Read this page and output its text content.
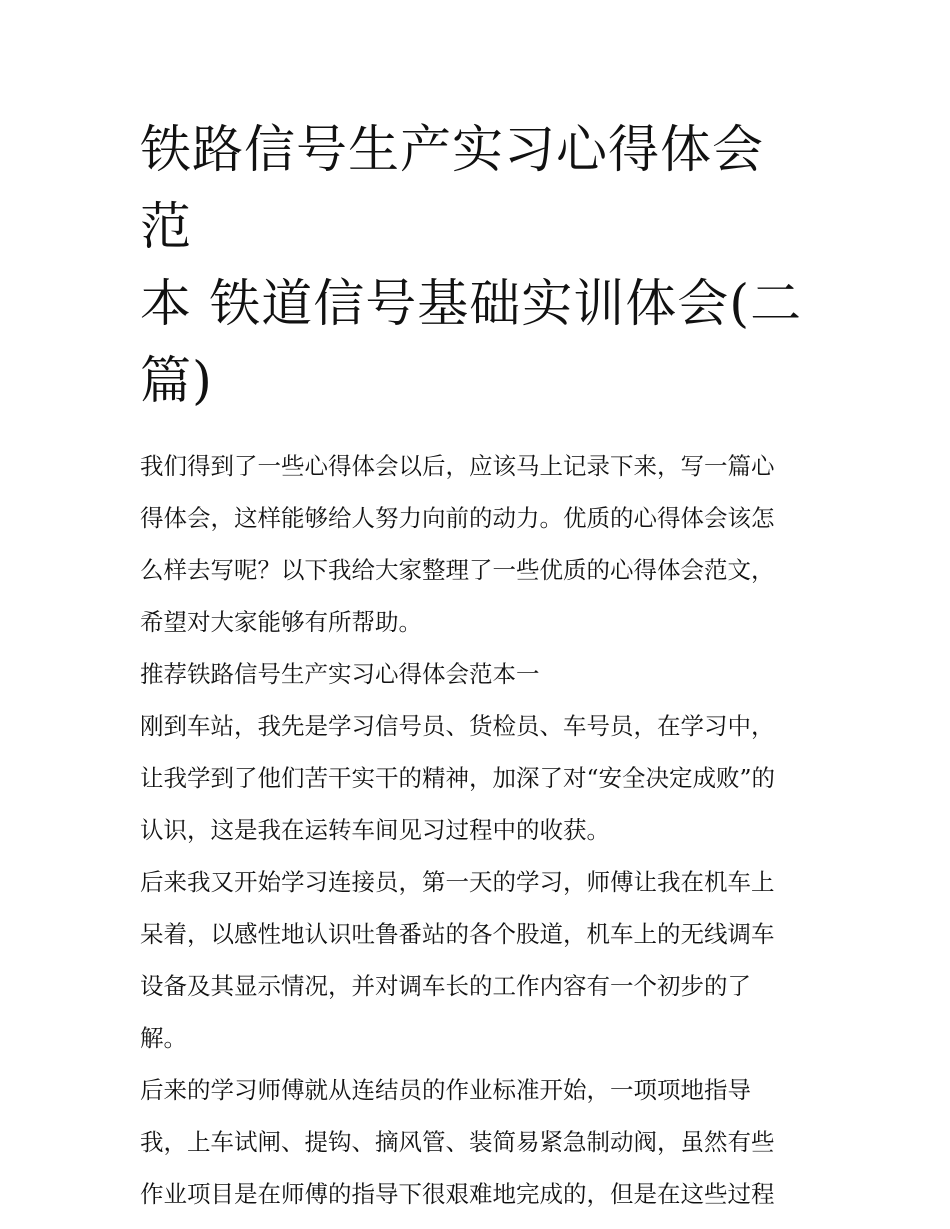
铁路信号生产实习心得体会范
本 铁道信号基础实训体会(二
篇)

我们得到了一些心得体会以后，应该马上记录下来，写一篇心

得体会，这样能够给人努力向前的动力。优质的心得体会该怎

么样去写呢？以下我给大家整理了一些优质的心得体会范文，

希望对大家能够有所帮助。

推荐铁路信号生产实习心得体会范本一

刚到车站，我先是学习信号员、货检员、车号员，在学习中，

让我学到了他们苦干实干的精神，加深了对“安全决定成败”的

认识，这是我在运转车间见习过程中的收获。

后来我又开始学习连接员，第一天的学习，师傅让我在机车上

呆着，以感性地认识吐鲁番站的各个股道，机车上的无线调车

设备及其显示情况，并对调车长的工作内容有一个初步的了

解。

后来的学习师傅就从连结员的作业标准开始，一项项地指导

我，上车试闸、提钩、摘风管、装简易紧急制动阀，虽然有些

作业项目是在师傅的指导下很艰难地完成的，但是在这些过程
